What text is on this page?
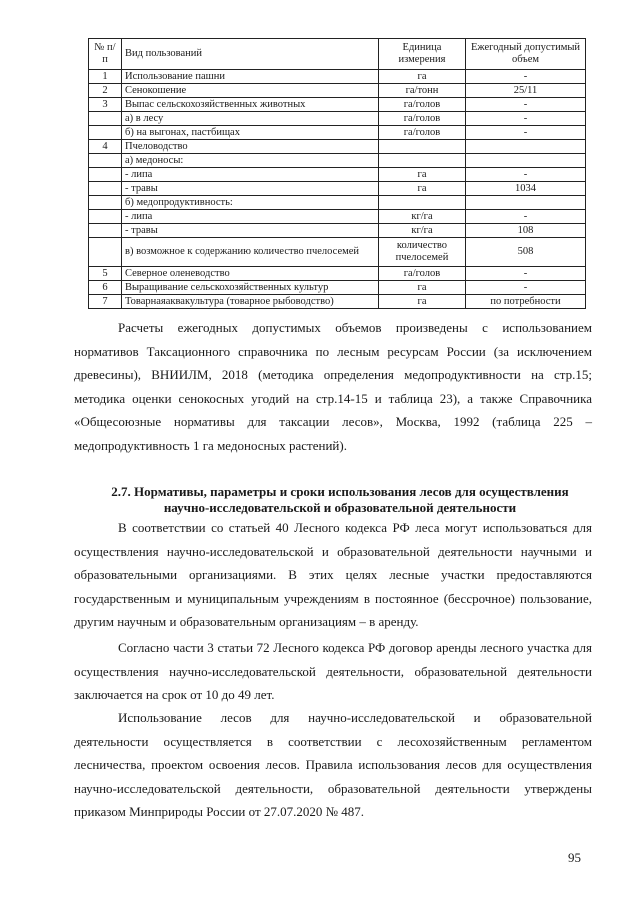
№ п/п	Вид пользований	Единица измерения	Ежегодный допустимый объем
1	Использование пашни	га	-
2	Сенокошение	га/тонн	25/11
3	Выпас сельскохозяйственных животных	га/голов	-
	а) в лесу	га/голов	-
	б) на выгонах, пастбищах	га/голов	-
4	Пчеловодство		
	а) медоносы:		
	- липа	га	-
	- травы	га	1034
	б) медопродуктивность:		
	- липа	кг/га	-
	- травы	кг/га	108
	в) возможное к содержанию количество пчелосемей	количество пчелосемей	508
5	Северное оленеводство	га/голов	-
6	Выращивание сельскохозяйственных культур	га	-
7	Товарнаяаквакультура (товарное рыбоводство)	га	по потребности

Расчеты ежегодных допустимых объемов произведены с использованием нормативов Таксационного справочника по лесным ресурсам России (за исключением древесины), ВНИИЛМ, 2018 (методика определения медопродуктивности на стр.15; методика оценки сенокосных угодий на стр.14-15 и таблица 23), а также Справочника «Общесоюзные нормативы для таксации лесов», Москва, 1992 (таблица 225 – медопродуктивность 1 га медоносных растений).

2.7. Нормативы, параметры и сроки использования лесов для осуществления научно-исследовательской и образовательной деятельности

В соответствии со статьей 40 Лесного кодекса РФ леса могут использоваться для осуществления научно-исследовательской и образовательной деятельности научными и образовательными организациями. В этих целях лесные участки предоставляются государственным и муниципальным учреждениям в постоянное (бессрочное) пользование, другим научным и образовательным организациям – в аренду.

Согласно части 3 статьи 72 Лесного кодекса РФ договор аренды лесного участка для осуществления научно-исследовательской деятельности, образовательной деятельности заключается на срок от 10 до 49 лет.

Использование лесов для научно-исследовательской и образовательной деятельности осуществляется в соответствии с лесохозяйственным регламентом лесничества, проектом освоения лесов. Правила использования лесов для осуществления научно-исследовательской деятельности, образовательной деятельности утверждены приказом Минприроды России от 27.07.2020 № 487.

95
